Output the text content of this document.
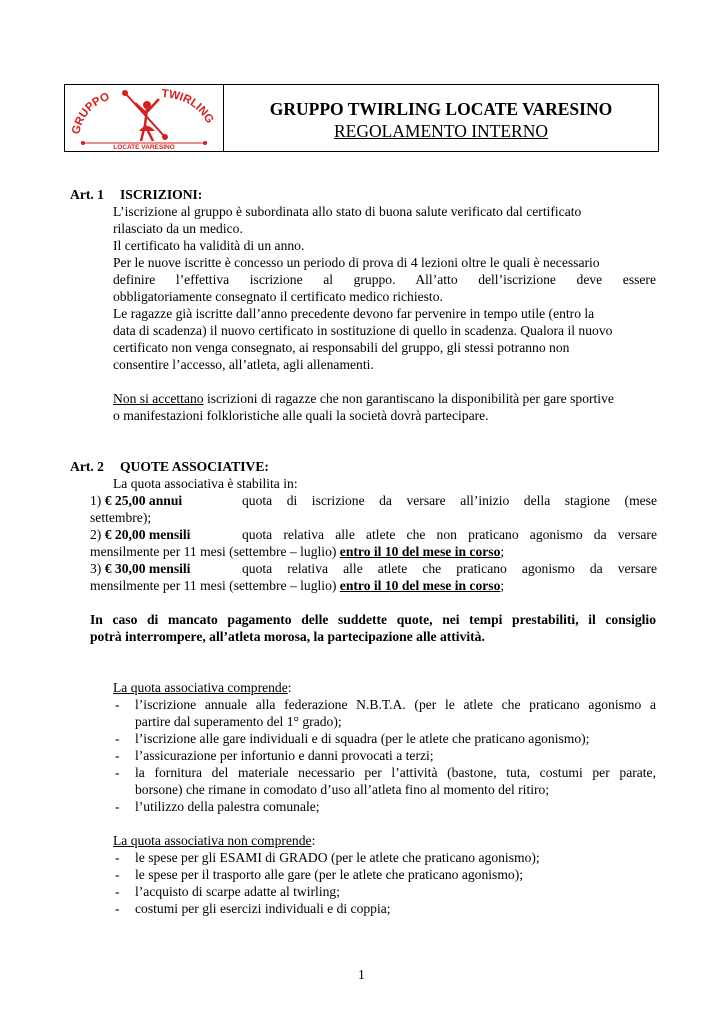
GRUPPO	TWIRLING
LOCATE VARESINO
GRUPPO TWIRLING LOCATE VARESINO
REGOLAMENTO INTERNO
Art. 1 ISCRIZIONI:
L’iscrizione al gruppo è subordinata allo stato di buona salute verificato dal certificato
rilasciato da un medico.
Il certificato ha validità di un anno.
Per le nuove iscritte è concesso un periodo di prova di 4 lezioni oltre le quali è necessario
definire l’effettiva iscrizione al gruppo. All’atto dell’iscrizione deve essere
obbligatoriamente consegnato il certificato medico richiesto.
Le ragazze già iscritte dall’anno precedente devono far pervenire in tempo utile (entro la
data di scadenza) il nuovo certificato in sostituzione di quello in scadenza. Qualora il nuovo
certificato non venga consegnato, ai responsabili del gruppo, gli stessi potranno non
consentire l’accesso, all’atleta, agli allenamenti.
Non si accettano iscrizioni di ragazze che non garantiscano la disponibilità per gare sportive
o manifestazioni folkloristiche alle quali la società dovrà partecipare.
Art. 2 QUOTE ASSOCIATIVE:
La quota associativa è stabilita in:
1) € 25,00 annui	quota di iscrizione da versare all’inizio della stagione (mese
settembre);
2) € 20,00 mensili	quota relativa alle atlete che non praticano agonismo da versare
mensilmente per 11 mesi (settembre – luglio) entro il 10 del mese in corso;
3) € 30,00 mensili	quota relativa alle atlete che praticano agonismo da versare
mensilmente per 11 mesi (settembre – luglio) entro il 10 del mese in corso;
In caso di mancato pagamento delle suddette quote, nei tempi prestabiliti, il consiglio
potrà interrompere, all’atleta morosa, la partecipazione alle attività.
La quota associativa comprende:
- l’iscrizione annuale alla federazione N.B.T.A. (per le atlete che praticano agonismo a
partire dal superamento del 1° grado);
- l’iscrizione alle gare individuali e di squadra (per le atlete che praticano agonismo);
- l’assicurazione per infortunio e danni provocati a terzi;
- la fornitura del materiale necessario per l’attività (bastone, tuta, costumi per parate,
borsone) che rimane in comodato d’uso all’atleta fino al momento del ritiro;
- l’utilizzo della palestra comunale;
La quota associativa non comprende:
- le spese per gli ESAMI di GRADO (per le atlete che praticano agonismo);
- le spese per il trasporto alle gare (per le atlete che praticano agonismo);
- l’acquisto di scarpe adatte al twirling;
- costumi per gli esercizi individuali e di coppia;
1
